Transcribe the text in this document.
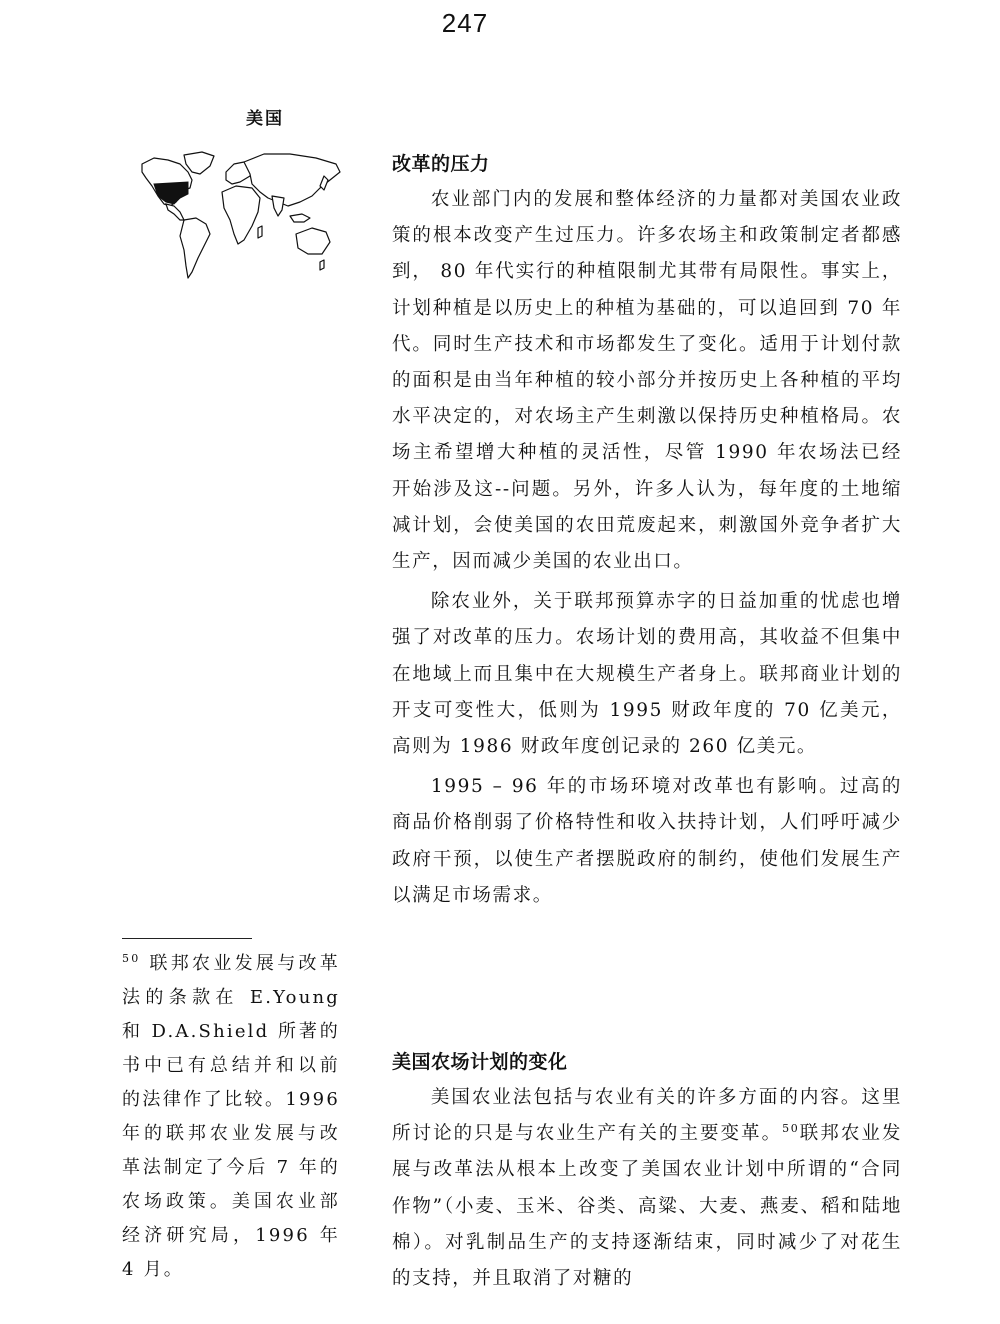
247
美国
改革的压力

农业部门内的发展和整体经济的力量都对美国农业政策的根本改变产生过压力。许多农场主和政策制定者都感到， 80 年代实行的种植限制尤其带有局限性。事实上，计划种植是以历史上的种植为基础的，可以追回到 70 年代。同时生产技术和市场都发生了变化。适用于计划付款的面积是由当年种植的较小部分并按历史上各种植的平均水平决定的，对农场主产生刺激以保持历史种植格局。农场主希望增大种植的灵活性，尽管 1990 年农场法已经开始涉及这--问题。另外，许多人认为，每年度的土地缩减计划，会使美国的农田荒废起来，刺激国外竞争者扩大生产，因而减少美国的农业出口。

除农业外，关于联邦预算赤字的日益加重的忧虑也增强了对改革的压力。农场计划的费用高，其收益不但集中在地域上而且集中在大规模生产者身上。联邦商业计划的开支可变性大，低则为 1995 财政年度的 70 亿美元，高则为 1986 财政年度创记录的 260 亿美元。

1995 – 96 年的市场环境对改革也有影响。过高的商品价格削弱了价格特性和收入扶持计划，人们呼吁减少政府干预，以使生产者摆脱政府的制约，使他们发展生产以满足市场需求。

$^{50}$ 联邦农业发展与改革法的条款在 E.Young 和 D.A.Shield 所著的书中已有总结并和以前的法律作了比较。1996 年的联邦农业发展与改革法制定了今后 7 年的农场政策。美国农业部经济研究局，1996 年 4 月。
美国农场计划的变化

美国农业法包括与农业有关的许多方面的内容。这里所讨论的只是与农业生产有关的主要变革。$^{50}$联邦农业发展与改革法从根本上改变了美国农业计划中所谓的“合同作物”（小麦、玉米、谷类、高粱、大麦、燕麦、稻和陆地棉）。对乳制品生产的支持逐渐结束，同时减少了对花生的支持，并且取消了对糖的
